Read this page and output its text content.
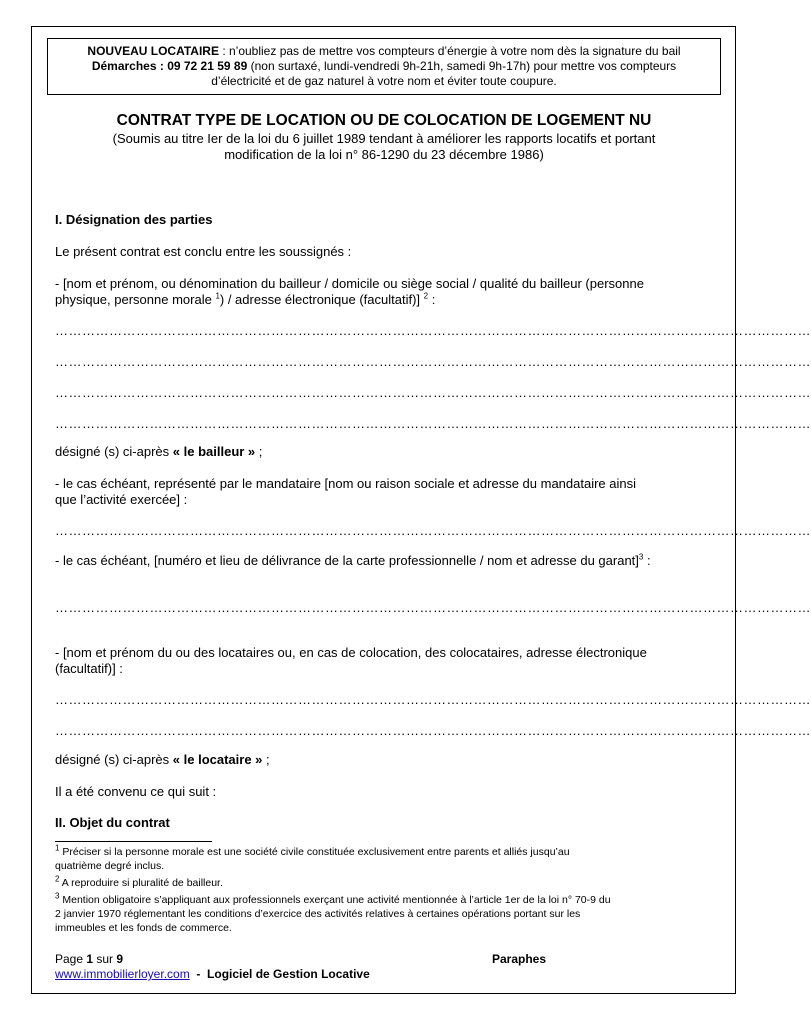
NOUVEAU LOCATAIRE : n’oubliez pas de mettre vos compteurs d’énergie à votre nom dès la signature du bail
Démarches : 09 72 21 59 89 (non surtaxé, lundi-vendredi 9h-21h, samedi 9h-17h) pour mettre vos compteurs
d’électricité et de gaz naturel à votre nom et éviter toute coupure.
CONTRAT TYPE DE LOCATION OU DE COLOCATION DE LOGEMENT NU
(Soumis au titre Ier de la loi du 6 juillet 1989 tendant à améliorer les rapports locatifs et portant
modification de la loi n° 86-1290 du 23 décembre 1986)
I. Désignation des parties
Le présent contrat est conclu entre les soussignés :
- [nom et prénom, ou dénomination du bailleur / domicile ou siège social / qualité du bailleur (personne
physique, personne morale $^1$) / adresse électronique (facultatif)] $^2$ :
……………………………………………………………………………………………………………………………………………………
……………………………………………………………………………………………………………………………………………………
……………………………………………………………………………………………………………………………………………………
……………………………………………………………………………………………………………………………………………………
désigné (s) ci-après « le bailleur » ;
- le cas échéant, représenté par le mandataire [nom ou raison sociale et adresse du mandataire ainsi
que l’activité exercée] :
……………………………………………………………………………………………………………………………………………………
- le cas échéant, [numéro et lieu de délivrance de la carte professionnelle / nom et adresse du garant]$^3$ :
……………………………………………………………………………………………………………………………………………………
- [nom et prénom du ou des locataires ou, en cas de colocation, des colocataires, adresse électronique
(facultatif)] :
……………………………………………………………………………………………………………………………………………………
……………………………………………………………………………………………………………………………………………………
désigné (s) ci-après « le locataire » ;
Il a été convenu ce qui suit :
II. Objet du contrat
$^1$ Préciser si la personne morale est une société civile constituée exclusivement entre parents et alliés jusqu’au
quatrième degré inclus.
$^2$ A reproduire si pluralité de bailleur.
$^3$ Mention obligatoire s’appliquant aux professionnels exerçant une activité mentionnée à l’article 1er de la loi n° 70-9 du
2 janvier 1970 réglementant les conditions d’exercice des activités relatives à certaines opérations portant sur les
immeubles et les fonds de commerce.
Page 1 sur 9	Paraphes
www.immobilierloyer.com  -  Logiciel de Gestion Locative
